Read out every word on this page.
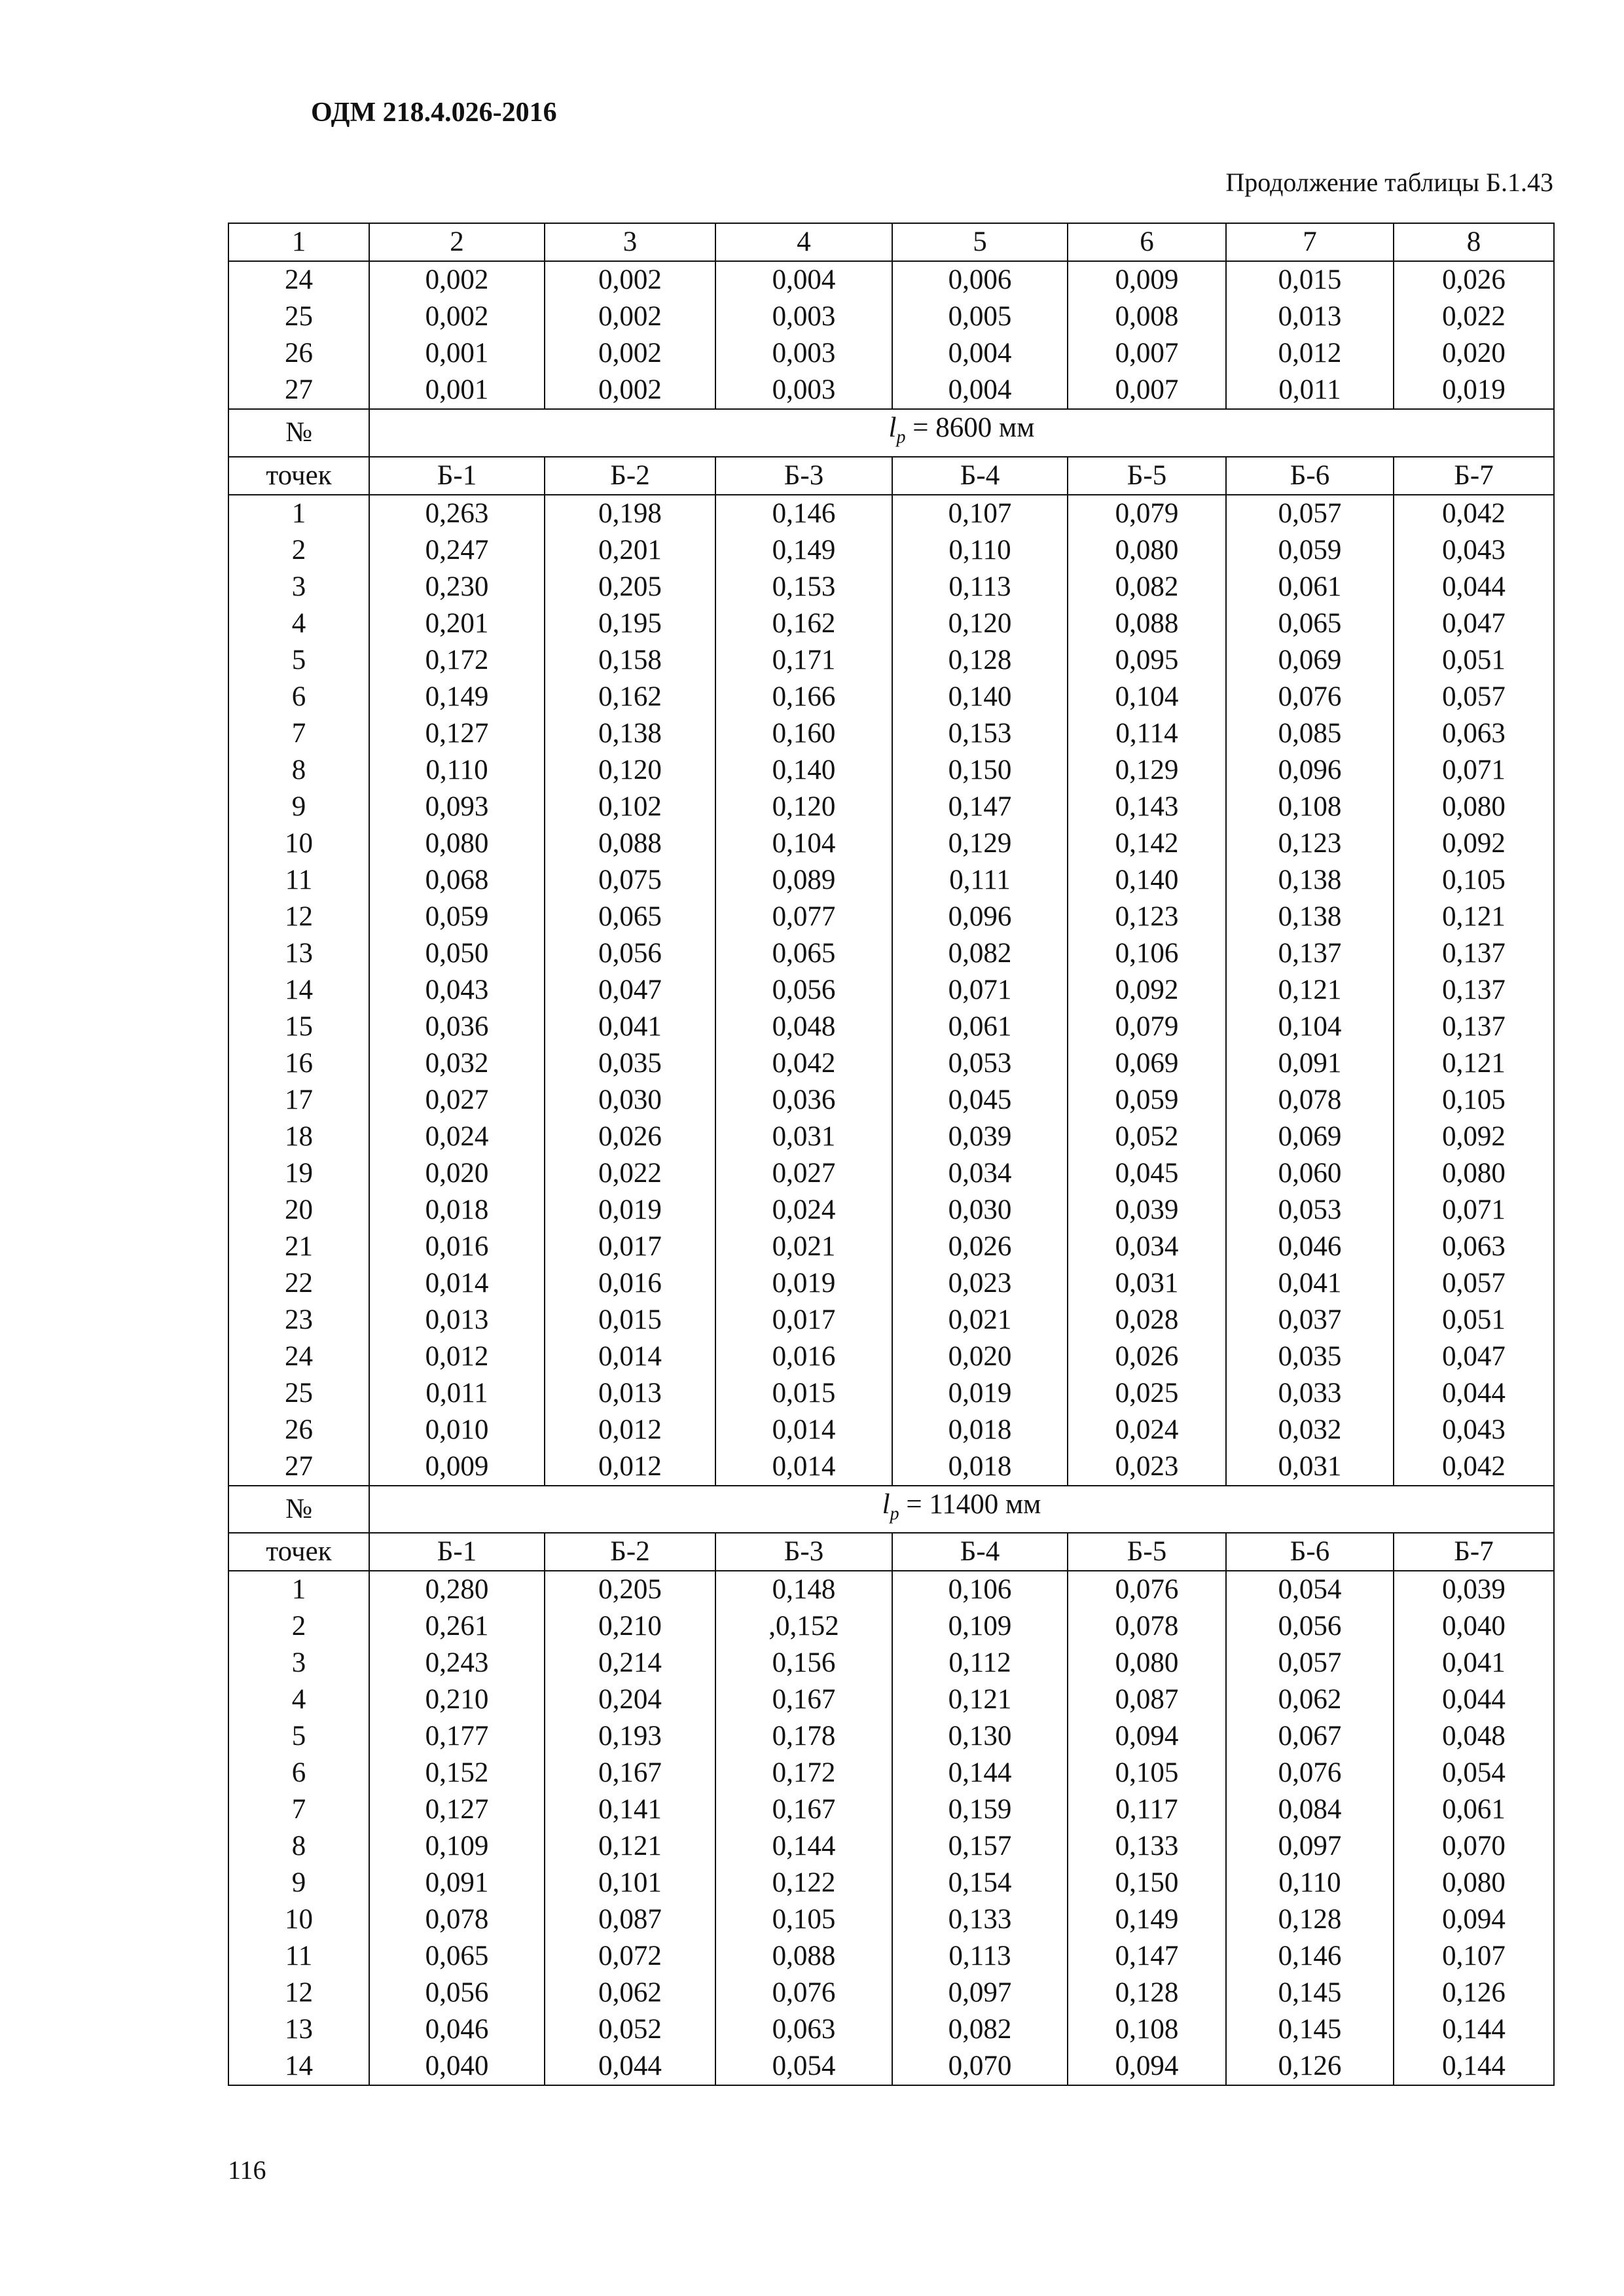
ОДМ 218.4.026-2016
Продолжение таблицы Б.1.43
1	2	3	4	5	6	7	8
24	0,002	0,002	0,004	0,006	0,009	0,015	0,026
25	0,002	0,002	0,003	0,005	0,008	0,013	0,022
26	0,001	0,002	0,003	0,004	0,007	0,012	0,020
27	0,001	0,002	0,003	0,004	0,007	0,011	0,019
№	$l_p = 8600$ мм						
точек	Б-1	Б-2	Б-3	Б-4	Б-5	Б-6	Б-7
1	0,263	0,198	0,146	0,107	0,079	0,057	0,042
2	0,247	0,201	0,149	0,110	0,080	0,059	0,043
3	0,230	0,205	0,153	0,113	0,082	0,061	0,044
4	0,201	0,195	0,162	0,120	0,088	0,065	0,047
5	0,172	0,158	0,171	0,128	0,095	0,069	0,051
6	0,149	0,162	0,166	0,140	0,104	0,076	0,057
7	0,127	0,138	0,160	0,153	0,114	0,085	0,063
8	0,110	0,120	0,140	0,150	0,129	0,096	0,071
9	0,093	0,102	0,120	0,147	0,143	0,108	0,080
10	0,080	0,088	0,104	0,129	0,142	0,123	0,092
11	0,068	0,075	0,089	0,111	0,140	0,138	0,105
12	0,059	0,065	0,077	0,096	0,123	0,138	0,121
13	0,050	0,056	0,065	0,082	0,106	0,137	0,137
14	0,043	0,047	0,056	0,071	0,092	0,121	0,137
15	0,036	0,041	0,048	0,061	0,079	0,104	0,137
16	0,032	0,035	0,042	0,053	0,069	0,091	0,121
17	0,027	0,030	0,036	0,045	0,059	0,078	0,105
18	0,024	0,026	0,031	0,039	0,052	0,069	0,092
19	0,020	0,022	0,027	0,034	0,045	0,060	0,080
20	0,018	0,019	0,024	0,030	0,039	0,053	0,071
21	0,016	0,017	0,021	0,026	0,034	0,046	0,063
22	0,014	0,016	0,019	0,023	0,031	0,041	0,057
23	0,013	0,015	0,017	0,021	0,028	0,037	0,051
24	0,012	0,014	0,016	0,020	0,026	0,035	0,047
25	0,011	0,013	0,015	0,019	0,025	0,033	0,044
26	0,010	0,012	0,014	0,018	0,024	0,032	0,043
27	0,009	0,012	0,014	0,018	0,023	0,031	0,042
№	$l_p = 11400$ мм						
точек	Б-1	Б-2	Б-3	Б-4	Б-5	Б-6	Б-7
1	0,280	0,205	0,148	0,106	0,076	0,054	0,039
2	0,261	0,210	,0,152	0,109	0,078	0,056	0,040
3	0,243	0,214	0,156	0,112	0,080	0,057	0,041
4	0,210	0,204	0,167	0,121	0,087	0,062	0,044
5	0,177	0,193	0,178	0,130	0,094	0,067	0,048
6	0,152	0,167	0,172	0,144	0,105	0,076	0,054
7	0,127	0,141	0,167	0,159	0,117	0,084	0,061
8	0,109	0,121	0,144	0,157	0,133	0,097	0,070
9	0,091	0,101	0,122	0,154	0,150	0,110	0,080
10	0,078	0,087	0,105	0,133	0,149	0,128	0,094
11	0,065	0,072	0,088	0,113	0,147	0,146	0,107
12	0,056	0,062	0,076	0,097	0,128	0,145	0,126
13	0,046	0,052	0,063	0,082	0,108	0,145	0,144
14	0,040	0,044	0,054	0,070	0,094	0,126	0,144
116
